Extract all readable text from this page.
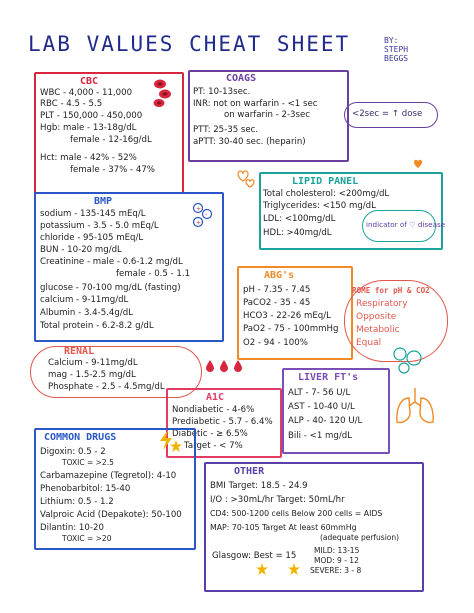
LAB VALUES CHEAT SHEET	BY:
STEPH
BEGGS
CBC
WBC - 4,000 - 11,000
RBC - 4.5 - 5.5
PLT - 150,000 - 450,000
Hgb: male - 13-18g/dL
female - 12-16g/dL
Hct: male - 42% - 52%
female - 37% - 47%
COAGS
PT: 10-13sec.
INR: not on warfarin - <1 sec
on warfarin - 2-3sec
PTT: 25-35 sec.
aPTT: 30-40 sec. (heparin)
<2sec = ↑ dose
LIPID PANEL
Total cholesterol: <200mg/dL
Triglycerides: <150 mg/dL
LDL: <100mg/dL
HDL: >40mg/dL
indicator of ♡ disease
BMP
sodium - 135-145 mEq/L
potassium - 3.5 - 5.0 mEq/L
chloride - 95-105 mEq/L
BUN - 10-20 mg/dL
Creatinine - male - 0.6-1.2 mg/dL
female - 0.5 - 1.1
glucose - 70-100 mg/dL (fasting)
calcium - 9-11mg/dL
Albumin - 3.4-5.4g/dL
Total protein - 6.2-8.2 g/dL
+
-
+
ABG's
pH - 7.35 - 7.45
PaCO2 - 35 - 45
HCO3 - 22-26 mEq/L
PaO2 - 75 - 100mmHg
O2 - 94 - 100%
ROME for pH & CO2
Respiratory
Opposite
Metabolic
Equal
RENAL
Calcium - 9-11mg/dL
mag - 1.5-2.5 mg/dL
Phosphate - 2.5 - 4.5mg/dL
A1C
Nondiabetic - 4-6%
Prediabetic - 5.7 - 6.4%
Diabetic - ≥ 6.5%
Target - < 7%
LIVER FT's
ALT - 7- 56 U/L
AST - 10-40 U/L
ALP - 40- 120 U/L
Bili - <1 mg/dL
COMMON DRUGS
Digoxin: 0.5 - 2
TOXIC = >2.5
Carbamazepine (Tegretol): 4-10
Phenobarbitol: 15-40
Lithium: 0.5 - 1.2
Valproic Acid (Depakote): 50-100
Dilantin: 10-20
TOXIC = >20
OTHER
BMI Target: 18.5 - 24.9
I/O : >30mL/hr Target: 50mL/hr
CD4: 500-1200 cells Below 200 cells = AIDS
MAP: 70-105 Target At least 60mmHg
(adequate perfusion)
Glasgow: Best = 15
MILD: 13-15
MOD: 9 - 12
SEVERE: 3 - 8
